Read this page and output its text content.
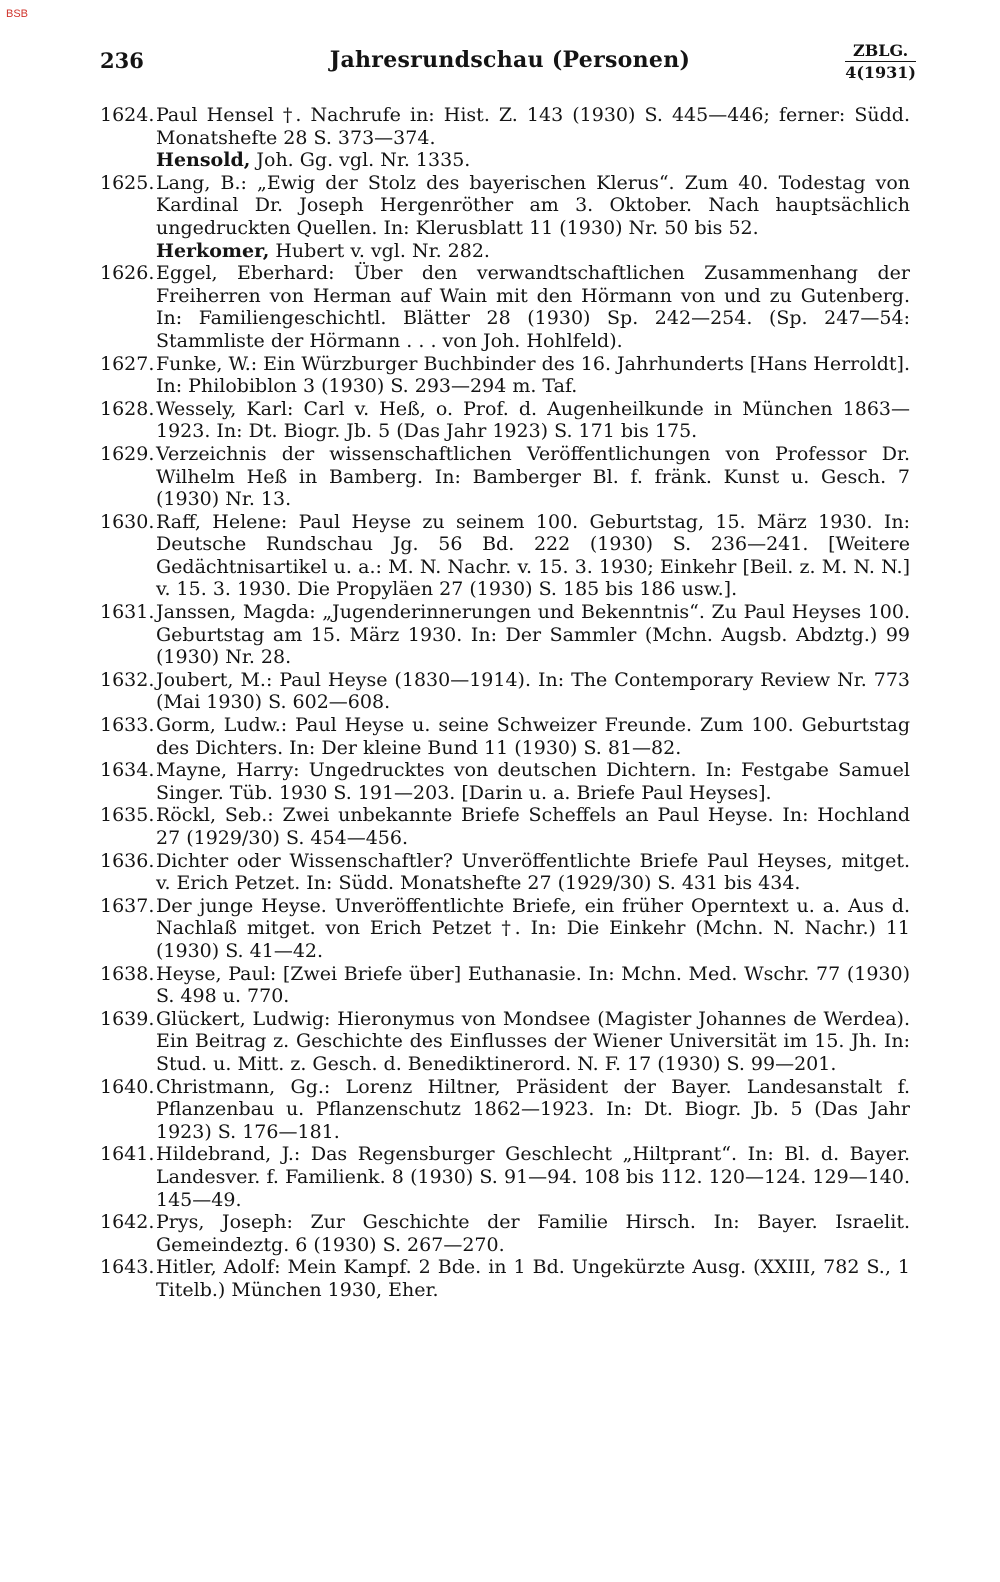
BSB
236	Jahresrundschau (Personen)	ZBLG.
4(1931)
1624. Paul Hensel †. Nachrufe in: Hist. Z. 143 (1930) S. 445—446; ferner: Südd. Monatshefte 28 S. 373—374.
Hensold, Joh. Gg. vgl. Nr. 1335.
1625. Lang, B.: „Ewig der Stolz des bayerischen Klerus“. Zum 40. Todestag von Kardinal Dr. Joseph Hergenröther am 3. Oktober. Nach hauptsächlich ungedruckten Quellen. In: Klerusblatt 11 (1930) Nr. 50 bis 52.
Herkomer, Hubert v. vgl. Nr. 282.
1626. Eggel, Eberhard: Über den verwandtschaftlichen Zusammenhang der Freiherren von Herman auf Wain mit den Hörmann von und zu Gutenberg. In: Familiengeschichtl. Blätter 28 (1930) Sp. 242—254. (Sp. 247—54: Stammliste der Hörmann . . . von Joh. Hohlfeld).
1627. Funke, W.: Ein Würzburger Buchbinder des 16. Jahrhunderts [Hans Herroldt]. In: Philobiblon 3 (1930) S. 293—294 m. Taf.
1628. Wessely, Karl: Carl v. Heß, o. Prof. d. Augenheilkunde in München 1863—1923. In: Dt. Biogr. Jb. 5 (Das Jahr 1923) S. 171 bis 175.
1629. Verzeichnis der wissenschaftlichen Veröffentlichungen von Professor Dr. Wilhelm Heß in Bamberg. In: Bamberger Bl. f. fränk. Kunst u. Gesch. 7 (1930) Nr. 13.
1630. Raff, Helene: Paul Heyse zu seinem 100. Geburtstag, 15. März 1930. In: Deutsche Rundschau Jg. 56 Bd. 222 (1930) S. 236—241. [Weitere Gedächtnisartikel u. a.: M. N. Nachr. v. 15. 3. 1930; Einkehr [Beil. z. M. N. N.] v. 15. 3. 1930. Die Propyläen 27 (1930) S. 185 bis 186 usw.].
1631. Janssen, Magda: „Jugenderinnerungen und Bekenntnis“. Zu Paul Heyses 100. Geburtstag am 15. März 1930. In: Der Sammler (Mchn. Augsb. Abdztg.) 99 (1930) Nr. 28.
1632. Joubert, M.: Paul Heyse (1830—1914). In: The Contemporary Review Nr. 773 (Mai 1930) S. 602—608.
1633. Gorm, Ludw.: Paul Heyse u. seine Schweizer Freunde. Zum 100. Geburtstag des Dichters. In: Der kleine Bund 11 (1930) S. 81—82.
1634. Mayne, Harry: Ungedrucktes von deutschen Dichtern. In: Festgabe Samuel Singer. Tüb. 1930 S. 191—203. [Darin u. a. Briefe Paul Heyses].
1635. Röckl, Seb.: Zwei unbekannte Briefe Scheffels an Paul Heyse. In: Hochland 27 (1929/30) S. 454—456.
1636. Dichter oder Wissenschaftler? Unveröffentlichte Briefe Paul Heyses, mitget. v. Erich Petzet. In: Südd. Monatshefte 27 (1929/30) S. 431 bis 434.
1637. Der junge Heyse. Unveröffentlichte Briefe, ein früher Operntext u. a. Aus d. Nachlaß mitget. von Erich Petzet †. In: Die Einkehr (Mchn. N. Nachr.) 11 (1930) S. 41—42.
1638. Heyse, Paul: [Zwei Briefe über] Euthanasie. In: Mchn. Med. Wschr. 77 (1930) S. 498 u. 770.
1639. Glückert, Ludwig: Hieronymus von Mondsee (Magister Johannes de Werdea). Ein Beitrag z. Geschichte des Einflusses der Wiener Universität im 15. Jh. In: Stud. u. Mitt. z. Gesch. d. Benediktinerord. N. F. 17 (1930) S. 99—201.
1640. Christmann, Gg.: Lorenz Hiltner, Präsident der Bayer. Landesanstalt f. Pflanzenbau u. Pflanzenschutz 1862—1923. In: Dt. Biogr. Jb. 5 (Das Jahr 1923) S. 176—181.
1641. Hildebrand, J.: Das Regensburger Geschlecht „Hiltprant“. In: Bl. d. Bayer. Landesver. f. Familienk. 8 (1930) S. 91—94. 108 bis 112. 120—124. 129—140. 145—49.
1642. Prys, Joseph: Zur Geschichte der Familie Hirsch. In: Bayer. Israelit. Gemeindeztg. 6 (1930) S. 267—270.
1643. Hitler, Adolf: Mein Kampf. 2 Bde. in 1 Bd. Ungekürzte Ausg. (XXIII, 782 S., 1 Titelb.) München 1930, Eher.
